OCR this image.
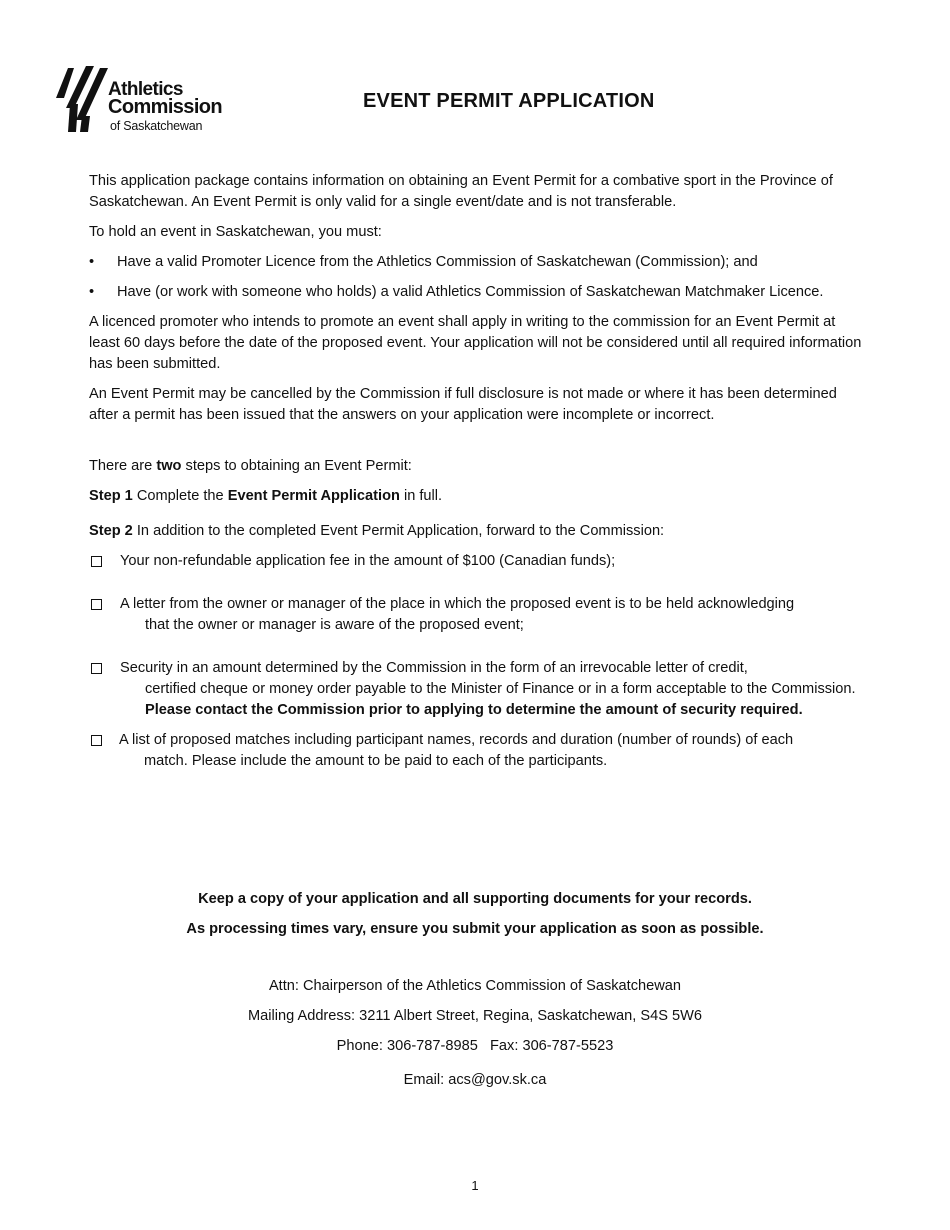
Athletics
Commission
of Saskatchewan
EVENT PERMIT APPLICATION

This application package contains information on obtaining an Event Permit for a combative sport in the Province of Saskatchewan. An Event Permit is only valid for a single event/date and is not transferable.

To hold an event in Saskatchewan, you must:

• Have a valid Promoter Licence from the Athletics Commission of Saskatchewan (Commission); and
• Have (or work with someone who holds) a valid Athletics Commission of Saskatchewan Matchmaker Licence.

A licenced promoter who intends to promote an event shall apply in writing to the commission for an Event Permit at least 60 days before the date of the proposed event. Your application will not be considered until all required information has been submitted.

An Event Permit may be cancelled by the Commission if full disclosure is not made or where it has been determined after a permit has been issued that the answers on your application were incomplete or incorrect.

There are two steps to obtaining an Event Permit:

Step 1 Complete the Event Permit Application in full.

Step 2 In addition to the completed Event Permit Application, forward to the Commission:

Your non-refundable application fee in the amount of $100 (Canadian funds);
A letter from the owner or manager of the place in which the proposed event is to be held acknowledging
that the owner or manager is aware of the proposed event;
Security in an amount determined by the Commission in the form of an irrevocable letter of credit,
certified cheque or money order payable to the Minister of Finance or in a form acceptable to the Commission. Please contact the Commission prior to applying to determine the amount of security required.
A list of proposed matches including participant names, records and duration (number of rounds) of each
match. Please include the amount to be paid to each of the participants.
Keep a copy of your application and all supporting documents for your records.
As processing times vary, ensure you submit your application as soon as possible.
Attn: Chairperson of the Athletics Commission of Saskatchewan
Mailing Address: 3211 Albert Street, Regina, Saskatchewan, S4S 5W6
Phone: 306-787-8985   Fax: 306-787-5523
Email: acs@gov.sk.ca
1
